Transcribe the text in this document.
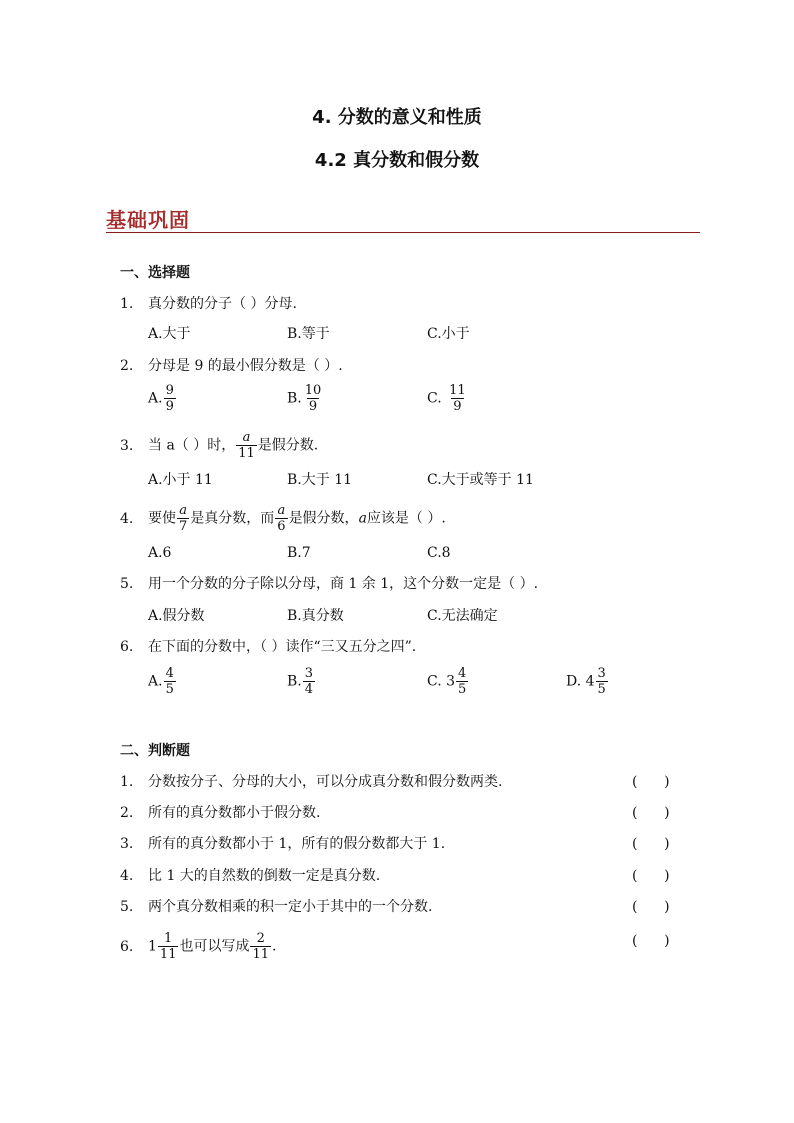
4. 分数的意义和性质
4.2 真分数和假分数
基础巩固
一、选择题
1. 真分数的分子（ ）分母.
A.大于	B.等于	C.小于
2. 分母是 9 的最小假分数是（ ）.
A. $\frac{9}{9}$	B. $\frac{10}{9}$	C. $\frac{11}{9}$
3. 当 a（ ）时， $\frac{a}{11}$ 是假分数.
A.小于 11	B.大于 11	C.大于或等于 11
4. 要使 $\frac{a}{7}$ 是真分数，而 $\frac{a}{6}$ 是假分数，a应该是（ ）.
A.6	B.7	C.8
5. 用一个分数的分子除以分母，商 1 余 1，这个分数一定是（ ）.
A.假分数	B.真分数	C.无法确定
6. 在下面的分数中，（ ）读作“三又五分之四”.
A. $\frac{4}{5}$	B. $\frac{3}{4}$	C. $3 \frac{4}{5}$	D. $4 \frac{3}{5}$
二、判断题
1. 分数按分子、分母的大小，可以分成真分数和假分数两类.	(      )
2. 所有的真分数都小于假分数.	(      )
3. 所有的真分数都小于 1，所有的假分数都大于 1.	(      )
4. 比 1 大的自然数的倒数一定是真分数.	(      )
5. 两个真分数相乘的积一定小于其中的一个分数.	(      )
6. $1 \frac{1}{11}$ 也可以写成 $\frac{2}{11}$ .	(      )
